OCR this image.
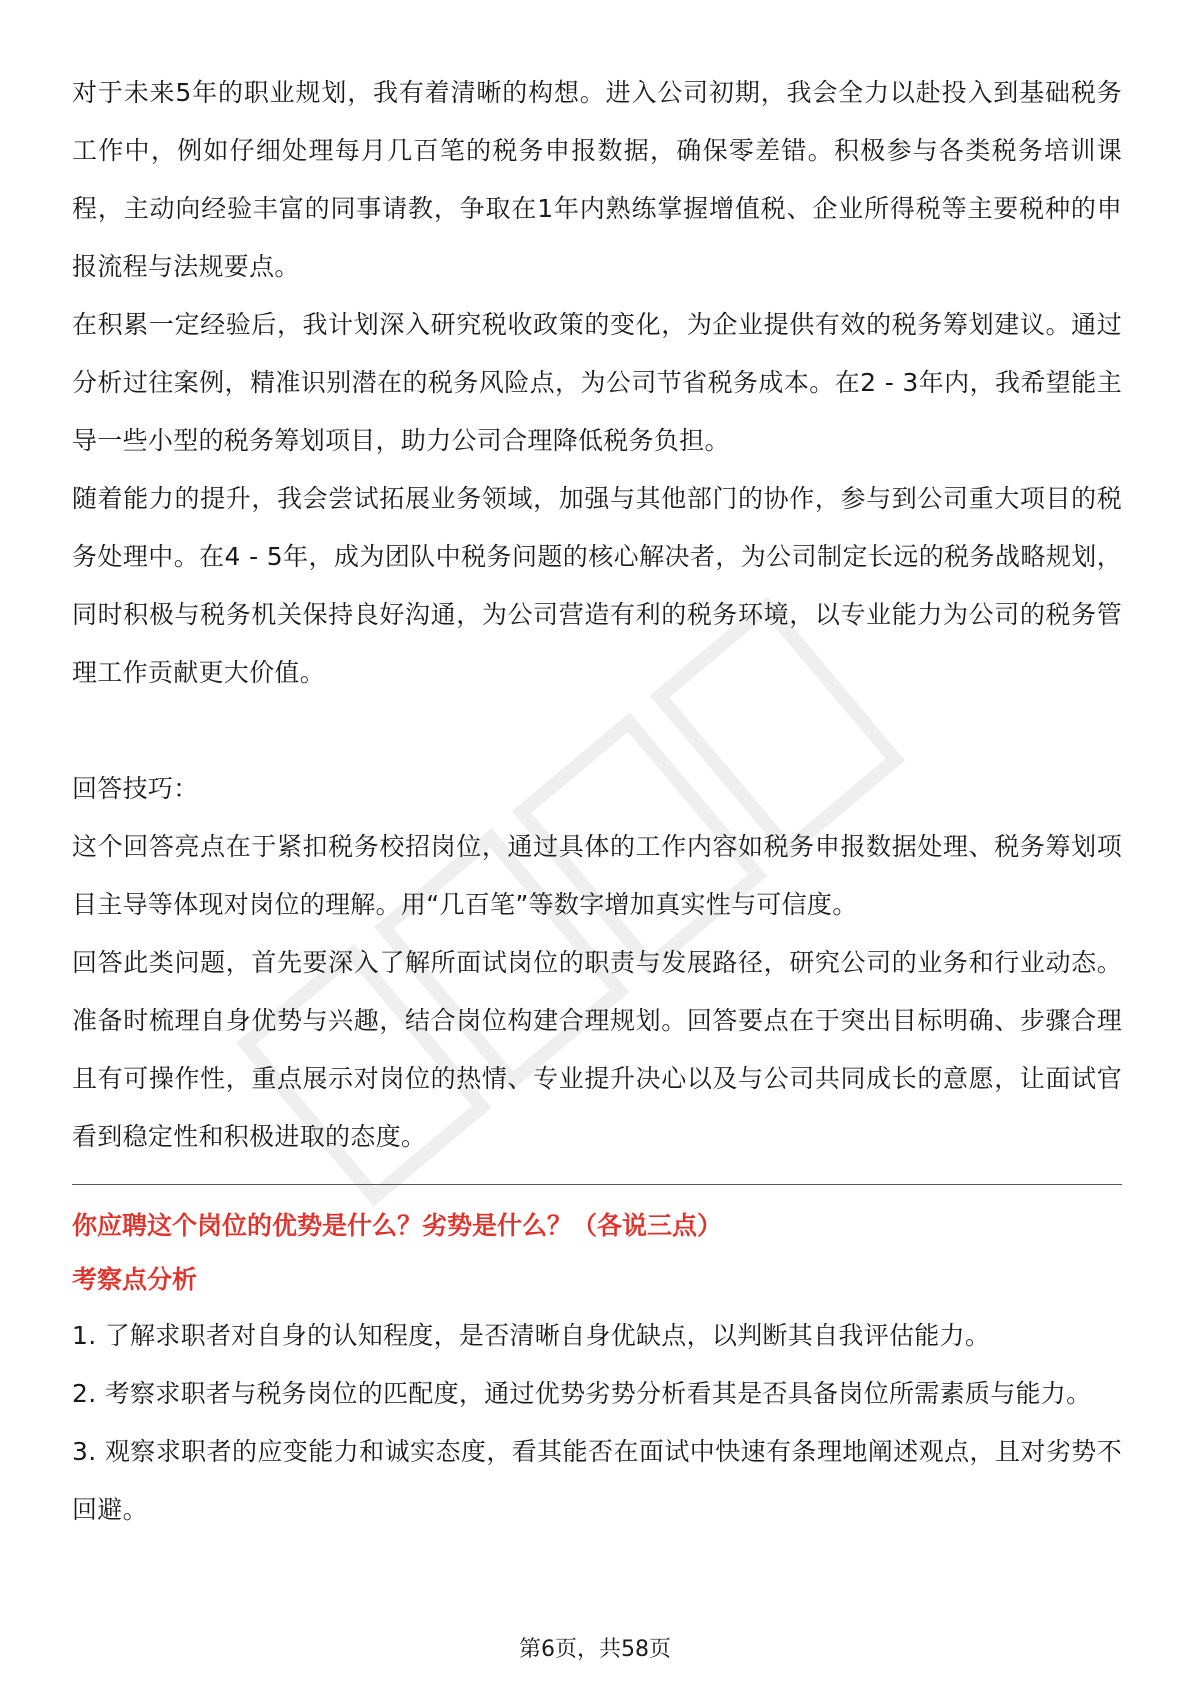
对于未来5年的职业规划，我有着清晰的构想。进入公司初期，我会全力以赴投入到基础税务工作中，例如仔细处理每月几百笔的税务申报数据，确保零差错。积极参与各类税务培训课程，主动向经验丰富的同事请教，争取在1年内熟练掌握增值税、企业所得税等主要税种的申报流程与法规要点。

在积累一定经验后，我计划深入研究税收政策的变化，为企业提供有效的税务筹划建议。通过分析过往案例，精准识别潜在的税务风险点，为公司节省税务成本。在2 - 3年内，我希望能主导一些小型的税务筹划项目，助力公司合理降低税务负担。

随着能力的提升，我会尝试拓展业务领域，加强与其他部门的协作，参与到公司重大项目的税务处理中。在4 - 5年，成为团队中税务问题的核心解决者，为公司制定长远的税务战略规划，同时积极与税务机关保持良好沟通，为公司营造有利的税务环境，以专业能力为公司的税务管理工作贡献更大价值。

回答技巧：

这个回答亮点在于紧扣税务校招岗位，通过具体的工作内容如税务申报数据处理、税务筹划项目主导等体现对岗位的理解。用“几百笔”等数字增加真实性与可信度。

回答此类问题，首先要深入了解所面试岗位的职责与发展路径，研究公司的业务和行业动态。准备时梳理自身优势与兴趣，结合岗位构建合理规划。回答要点在于突出目标明确、步骤合理且有可操作性，重点展示对岗位的热情、专业提升决心以及与公司共同成长的意愿，让面试官看到稳定性和积极进取的态度。

你应聘这个岗位的优势是什么？劣势是什么？（各说三点）

考察点分析

1. 了解求职者对自身的认知程度，是否清晰自身优缺点，以判断其自我评估能力。

2. 考察求职者与税务岗位的匹配度，通过优势劣势分析看其是否具备岗位所需素质与能力。

3. 观察求职者的应变能力和诚实态度，看其能否在面试中快速有条理地阐述观点，且对劣势不回避。

第6页，共58页
